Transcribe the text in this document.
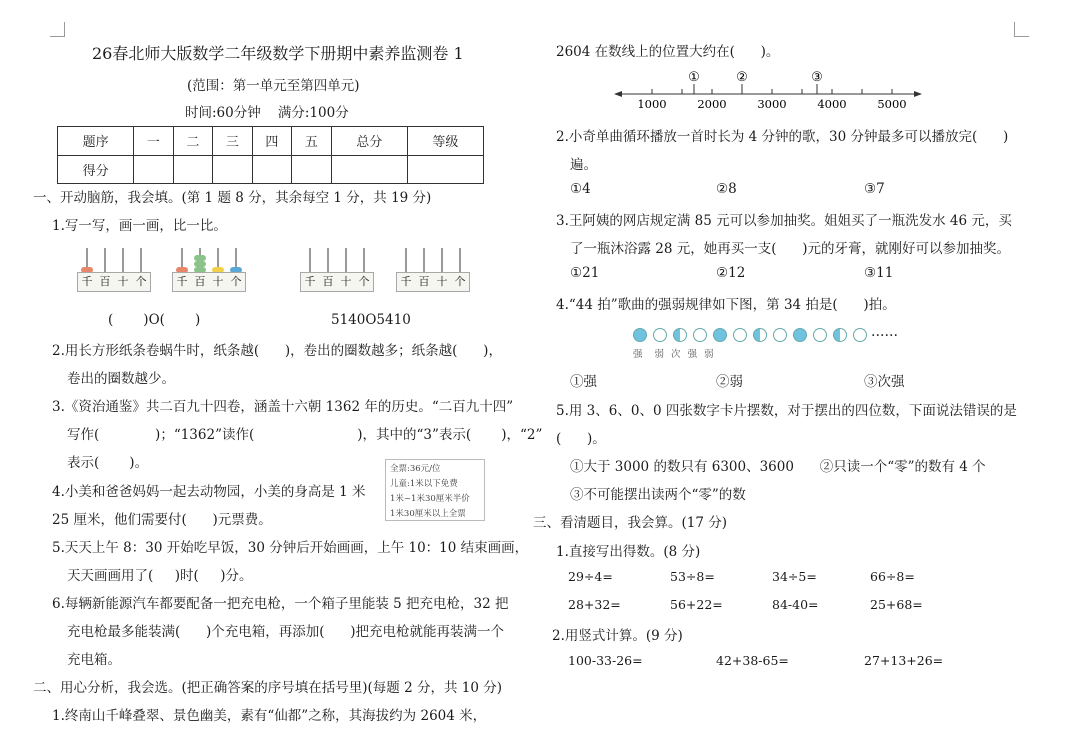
26春北师大版数学二年级数学下册期中素养监测卷 1
(范围：第一单元至第四单元)
时间:60分钟    满分:100分
题序	一	二	三	四	五	总分	等级
得分							
一、开动脑筋，我会填。(第 1 题 8 分，其余每空 1 分，共 19 分)
1.写一写，画一画，比一比。
千 百 十 个	千 百 十 个	千 百 十 个	千 百 十 个
(       )O(       )	5140O5410
2.用长方形纸条卷蜗牛时，纸条越(      )，卷出的圈数越多；纸条越(      )，
卷出的圈数越少。
3.《资治通鉴》共二百九十四卷，涵盖十六朝 1362 年的历史。“二百九十四”
写作(             )；“1362”读作(                        )，其中的“3”表示(       )，“2”
表示(       )。
4.小美和爸爸妈妈一起去动物园，小美的身高是 1 米
25 厘米，他们需要付(      )元票费。
全票:36元/位
儿童:1米以下免费
1米~1米30厘米半价
1米30厘米以上全票
5.天天上午 8：30 开始吃早饭，30 分钟后开始画画，上午 10：10 结束画画，
天天画画用了(     )时(     )分。
6.每辆新能源汽车都要配备一把充电枪，一个箱子里能装 5 把充电枪，32 把
充电枪最多能装满(      )个充电箱，再添加(      )把充电枪就能再装满一个
充电箱。
二、用心分析，我会选。(把正确答案的序号填在括号里)(每题 2 分，共 10 分)
1.终南山千峰叠翠、景色幽美，素有“仙都”之称，其海拔约为 2604 米，
2604 在数线上的位置大约在(      )。
①	②	③
1000	2000	3000	4000	5000
2.小奇单曲循环播放一首时长为 4 分钟的歌，30 分钟最多可以播放完(      )
遍。
①4	②8	③7
3.王阿姨的网店规定满 85 元可以参加抽奖。姐姐买了一瓶洗发水 46 元，买
了一瓶沐浴露 28 元，她再买一支(      )元的牙膏，就刚好可以参加抽奖。
①21	②12	③11
4.“44 拍”歌曲的强弱规律如下图，第 34 拍是(      )拍。
……
强  弱 次 强 弱
①强	②弱	③次强
5.用 3、6、0、0 四张数字卡片摆数，对于摆出的四位数，下面说法错误的是
(      )。
①大于 3000 的数只有 6300、3600      ②只读一个“零”的数有 4 个
③不可能摆出读两个“零”的数
三、看清题目，我会算。(17 分)
1.直接写出得数。(8 分)
29÷4=	53÷8=	34÷5=	66÷8=
28+32=	56+22=	84-40=	25+68=
2.用竖式计算。(9 分)
100-33-26=	42+38-65=	27+13+26=
